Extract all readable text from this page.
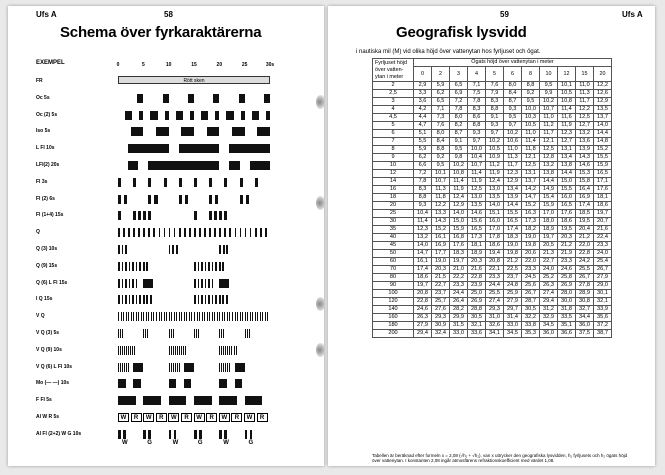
Ufs A	58
Schema över fyrkaraktärerna
EXEMPEL	0	5	10	15	20	25	30s
FR	Rött sken
Oc 5s
Oc (2) 5s
Iso 5s
L Fl 10s
LFl(2) 20s
Fl 3s
Fl (2) 6s
Fl (1+4) 15s
Q
Q (3) 10s
Q (9) 15s
Q (6) L Fl 15s
I Q 15s
V Q
V Q (3) 5s
V Q (9) 10s
V Q (6) L Fl 10s
Mo (— —) 10s
F Fl 5s
Al W R 5s	W	R	W	R	W	R	W	R	W	R	W	R
Al Fl (2+2) W G 10s
W	G	W	G	W	G
59	Ufs A
Geografisk lysvidd
i nautiska mil (M) vid olika höjd över vattenytan hos fyrljuset och ögat.
Fyrljuset höjd över vatten-ytan i meter	Ögats höjd över vattenytan i meter										
	0	2	3	4	5	6	8	10	12	15	20
2	2,9	5,9	6,5	7,1	7,6	8,0	8,8	9,5	10,1	11,0	12,2
2,5	3,3	6,2	6,9	7,5	7,9	8,4	9,2	9,9	10,5	11,3	12,6
3	3,6	6,5	7,2	7,8	8,3	8,7	9,5	10,2	10,8	11,7	12,9
4	4,2	7,1	7,8	8,3	8,8	9,3	10,0	10,7	11,4	12,2	13,5
4,5	4,4	7,3	8,0	8,6	9,1	9,5	10,3	11,0	11,6	12,5	13,7
5	4,7	7,6	8,2	8,8	9,3	9,7	10,5	11,2	11,9	12,7	14,0
6	5,1	8,0	8,7	9,3	9,7	10,2	11,0	11,7	12,3	13,2	14,4
7	5,5	8,4	9,1	9,7	10,2	10,6	11,4	12,1	12,7	13,6	14,8
8	5,9	8,8	9,5	10,0	10,5	11,0	11,8	12,5	13,1	13,9	15,2
9	6,2	9,2	9,8	10,4	10,9	11,3	12,1	12,8	13,4	14,3	15,5
10	6,6	9,5	10,2	10,7	11,2	11,7	12,5	13,2	13,8	14,6	15,9
12	7,2	10,1	10,8	11,4	11,9	12,3	13,1	13,8	14,4	15,3	16,5
14	7,8	10,7	11,4	11,9	12,4	12,9	13,7	14,4	15,0	15,8	17,1
16	8,3	11,3	11,9	12,5	13,0	13,4	14,2	14,9	15,5	16,4	17,6
18	8,8	11,8	12,4	13,0	13,5	13,9	14,7	15,4	16,0	16,9	18,1
20	9,3	12,2	12,9	13,5	14,0	14,4	15,2	15,9	16,5	17,4	18,6
25	10,4	13,3	14,0	14,6	15,1	15,5	16,3	17,0	17,6	18,5	19,7
30	11,4	14,3	15,0	15,6	16,0	16,5	17,3	18,0	18,6	19,5	20,7
35	12,3	15,2	15,9	16,5	17,0	17,4	18,2	18,9	19,5	20,4	21,6
40	13,2	16,1	16,8	17,3	17,8	18,3	19,0	19,7	20,3	21,2	22,4
45	14,0	16,9	17,6	18,1	18,6	19,0	19,8	20,5	21,2	22,0	23,3
50	14,7	17,7	18,3	18,9	19,4	19,8	20,6	21,3	21,9	22,8	24,0
60	16,1	19,0	19,7	20,3	20,8	21,2	22,0	22,7	23,3	24,2	25,4
70	17,4	20,3	21,0	21,6	22,1	22,5	23,3	24,0	24,6	25,5	26,7
80	18,6	21,5	22,2	22,8	23,3	23,7	24,5	25,2	25,8	26,7	27,9
90	19,7	22,7	23,3	23,9	24,4	24,8	25,6	26,3	26,9	27,8	29,0
100	20,8	23,7	24,4	25,0	25,5	25,9	26,7	27,4	28,0	28,9	30,1
120	22,8	25,7	26,4	26,9	27,4	27,9	28,7	29,4	30,0	30,8	32,1
140	24,6	27,6	28,2	28,8	29,3	29,7	30,5	31,2	31,8	32,7	33,9
160	26,3	29,3	29,9	30,5	31,0	31,4	32,2	32,9	33,5	34,4	35,6
180	27,9	30,9	31,5	32,1	32,6	33,0	33,8	34,5	35,1	36,0	37,2
200	29,4	32,4	33,0	33,6	34,1	34,5	35,3	36,0	36,6	37,5	38,7
Tabellen är beräknad efter formeln x = 2,08 (√h₁ + √h₂), van x uttrycker den geografiska lysvidden, h₁ fyrljusets och h₂ ögats höjd över vattenytan. I konstanten 2,08 ingår atmosfärens refraktionskoefficient med värdet 1,08.
